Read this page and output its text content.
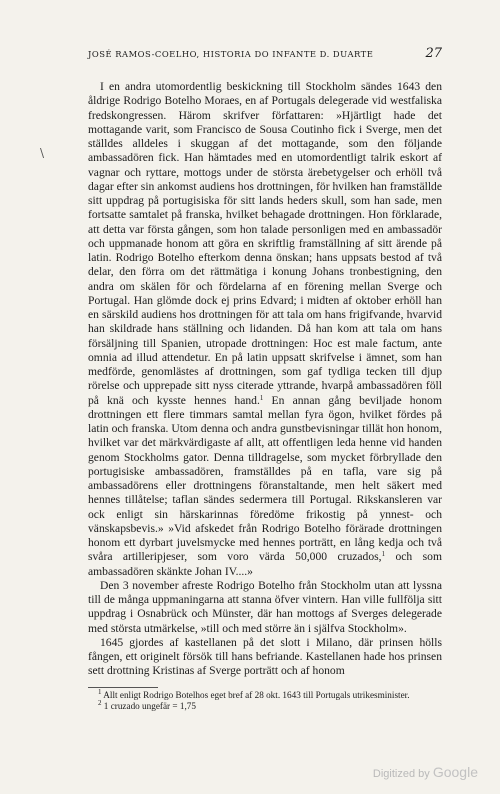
JOSÉ RAMOS-COELHO, HISTORIA DO INFANTE D. DUARTE	27
\

I en andra utomordentlig beskickning till Stockholm sändes 1643 den åldrige Rodrigo Botelho Moraes, en af Portugals delegerade vid westfaliska fredskongressen. Härom skrifver författaren: »Hjärtligt hade det mottagande varit, som Francisco de Sousa Coutinho fick i Sverge, men det ställdes alldeles i skuggan af det mottagande, som den följande ambassadören fick. Han hämtades med en utomordentligt talrik eskort af vagnar och ryttare, mottogs under de största ärebetygelser och erhöll två dagar efter sin ankomst audiens hos drottningen, för hvilken han framställde sitt uppdrag på portugisiska för sitt lands heders skull, som han sade, men fortsatte samtalet på franska, hvilket behagade drottningen. Hon förklarade, att detta var första gången, som hon talade personligen med en ambassadör och uppmanade honom att göra en skriftlig framställning af sitt ärende på latin. Rodrigo Botelho efterkom denna önskan; hans uppsats bestod af två delar, den förra om det rättmätiga i konung Johans tronbestigning, den andra om skälen för och fördelarna af en förening mellan Sverge och Portugal. Han glömde dock ej prins Edvard; i midten af oktober erhöll han en särskild audiens hos drottningen för att tala om hans frigifvande, hvarvid han skildrade hans ställning och lidanden. Då han kom att tala om hans försäljning till Spanien, utropade drottningen: Hoc est male factum, ante omnia ad illud attendetur. En på latin uppsatt skrifvelse i ämnet, som han medförde, genomlästes af drottningen, som gaf tydliga tecken till djup rörelse och upprepade sitt nyss citerade yttrande, hvarpå ambassadören föll på knä och kysste hennes hand.$^1$ En annan gång beviljade honom drottningen ett flere timmars samtal mellan fyra ögon, hvilket fördes på latin och franska. Utom denna och andra gunstbevisningar tillät hon honom, hvilket var det märkvärdigaste af allt, att offentligen leda henne vid handen genom Stockholms gator. Denna tilldragelse, som mycket förbryllade den portugisiske ambassadören, framställdes på en tafla, vare sig på ambassadörens eller drottningens föranstaltande, men helt säkert med hennes tillåtelse; taflan sändes sedermera till Portugal. Rikskansleren var ock enligt sin härskarinnas föredöme frikostig på ynnest- och vänskapsbevis.» »Vid afskedet från Rodrigo Botelho förärade drottningen honom ett dyrbart juvelsmycke med hennes porträtt, en lång kedja och två svåra artilleripjeser, som voro värda 50,000 cruzados,$^1$ och som ambassadören skänkte Johan IV....»

Den 3 november afreste Rodrigo Botelho från Stockholm utan att lyssna till de många uppmaningarna att stanna öfver vintern. Han ville fullfölja sitt uppdrag i Osnabrück och Münster, där han mottogs af Sverges delegerade med största utmärkelse, »till och med större än i själfva Stockholm».

1645 gjordes af kastellanen på det slott i Milano, där prinsen hölls fången, ett originelt försök till hans befriande. Kastellanen hade hos prinsen sett drottning Kristinas af Sverge porträtt och af honom

$^1$ Allt enligt Rodrigo Botelhos eget bref af 28 okt. 1643 till Portugals utrikesminister.

$^2$ 1 cruzado ungefär = 1,75

Digitized by Google
